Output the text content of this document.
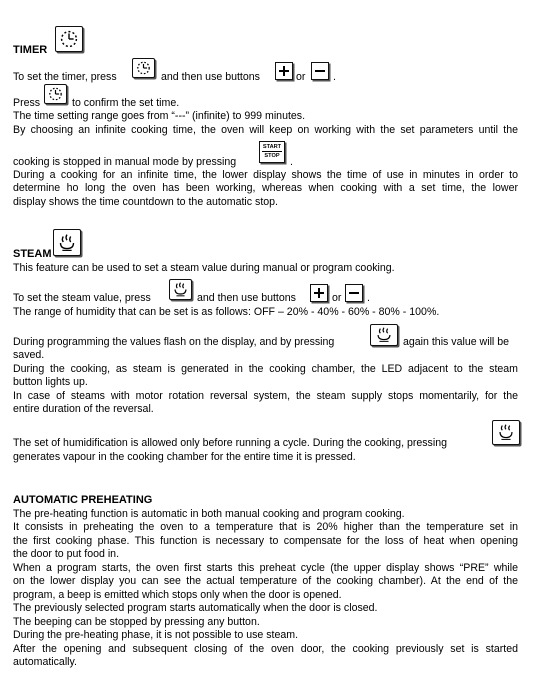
TIMER
To set the timer, press	and then use buttons	or	.
Press	to confirm the set time.
The time setting range goes from “---” (infinite) to 999 minutes.
By choosing an infinite cooking time, the oven will keep on working with the set parameters until the
cooking is stopped in manual mode by pressing
START
STOP .
During a cooking for an infinite time, the lower display shows the time of use in minutes in order to
determine ho long the oven has been working, whereas when cooking with a set time, the lower
display shows the time countdown to the automatic stop.
STEAM
This feature can be used to set a steam value during manual or program cooking.
To set the steam value, press	and then use buttons	or .
The range of humidity that can be set is as follows: OFF – 20% - 40% - 60% - 80% - 100%.
During programming the values flash on the display, and by pressing	again this value will be
saved.
During the cooking, as steam is generated in the cooking chamber, the LED adjacent to the steam
button lights up.
In case of steams with motor rotation reversal system, the steam supply stops momentarily, for the
entire duration of the reversal.
The set of humidification is allowed only before running a cycle. During the cooking, pressing
generates vapour in the cooking chamber for the entire time it is pressed.
AUTOMATIC PREHEATING
The pre-heating function is automatic in both manual cooking and program cooking.
It consists in preheating the oven to a temperature that is 20% higher than the temperature set in
the first cooking phase. This function is necessary to compensate for the loss of heat when opening
the door to put food in.
When a program starts, the oven first starts this preheat cycle (the upper display shows “PRE” while
on the lower display you can see the actual temperature of the cooking chamber). At the end of the
program, a beep is emitted which stops only when the door is opened.
The previously selected program starts automatically when the door is closed.
The beeping can be stopped by pressing any button.
During the pre-heating phase, it is not possible to use steam.
After the opening and subsequent closing of the oven door, the cooking previously set is started
automatically.
